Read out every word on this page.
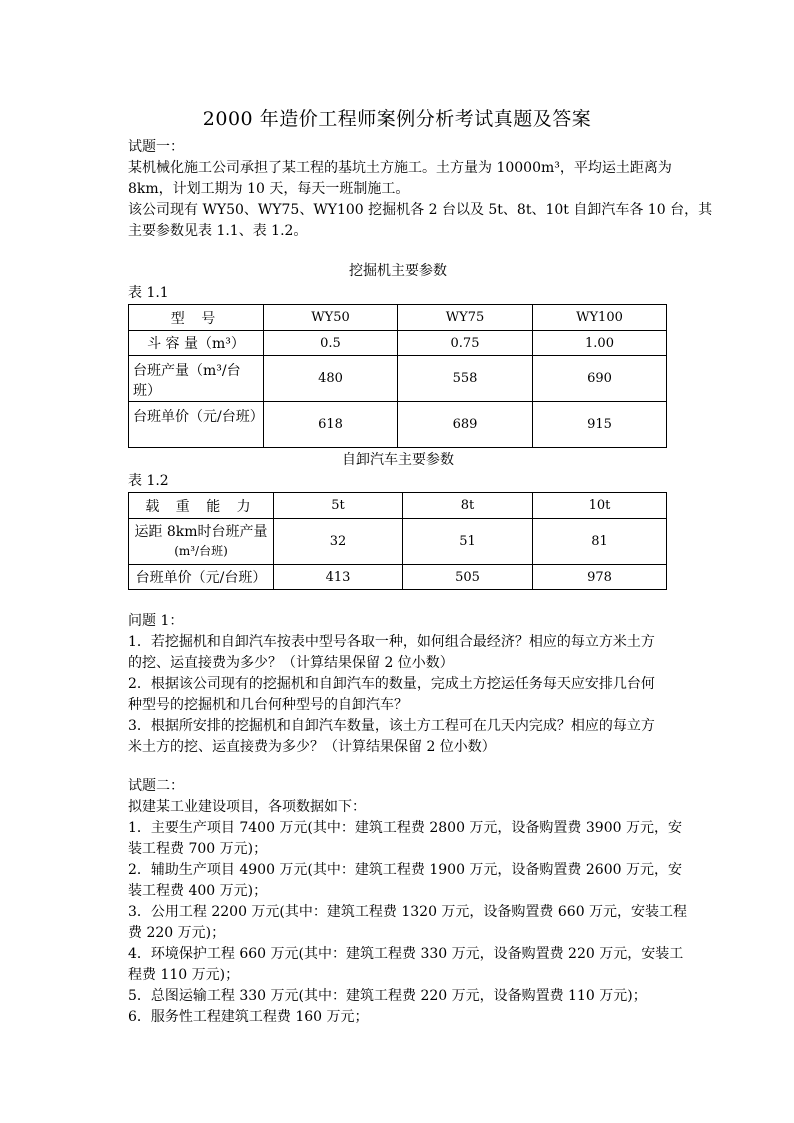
2000 年造价工程师案例分析考试真题及答案
试题一：
某机械化施工公司承担了某工程的基坑土方施工。土方量为 10000m³，平均运土距离为
8km，计划工期为 10 天，每天一班制施工。
该公司现有 WY50、WY75、WY100 挖掘机各 2 台以及 5t、8t、10t 自卸汽车各 10 台，其
主要参数见表 1.1、表 1.2。
挖掘机主要参数
表 1.1
型 号	WY50	WY75	WY100
斗 容 量（m³）	0.5	0.75	1.00
台班产量（m³/台班）	480	558	690
台班单价（元/台班）	618	689	915
自卸汽车主要参数
表 1.2
载 重 能 力	5t	8t	10t

运距 8km时台班产量
(m³/台班)	32	51	81
台班单价（元/台班）	413	505	978
问题 1：
1．若挖掘机和自卸汽车按表中型号各取一种，如何组合最经济？相应的每立方米土方
的挖、运直接费为多少？（计算结果保留 2 位小数）
2．根据该公司现有的挖掘机和自卸汽车的数量，完成土方挖运任务每天应安排几台何
种型号的挖掘机和几台何种型号的自卸汽车？
3．根据所安排的挖掘机和自卸汽车数量，该土方工程可在几天内完成？相应的每立方
米土方的挖、运直接费为多少？（计算结果保留 2 位小数）
试题二：
拟建某工业建设项目，各项数据如下：
1．主要生产项目 7400 万元(其中：建筑工程费 2800 万元，设备购置费 3900 万元，安
装工程费 700 万元)；
2．辅助生产项目 4900 万元(其中：建筑工程费 1900 万元，设备购置费 2600 万元，安
装工程费 400 万元)；
3．公用工程 2200 万元(其中：建筑工程费 1320 万元，设备购置费 660 万元，安装工程
费 220 万元)；
4．环境保护工程 660 万元(其中：建筑工程费 330 万元，设备购置费 220 万元，安装工
程费 110 万元)；
5．总图运输工程 330 万元(其中：建筑工程费 220 万元，设备购置费 110 万元)；
6．服务性工程建筑工程费 160 万元；
